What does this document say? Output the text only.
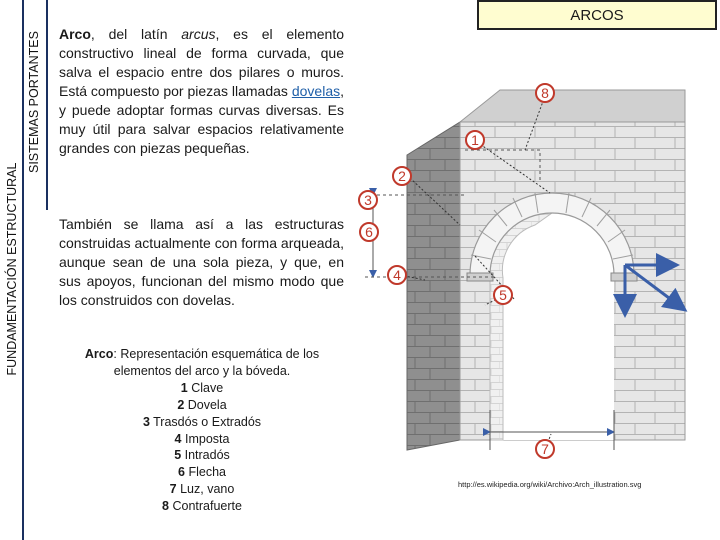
FUNDAMENTACIÓN ESTRUCTURAL
SISTEMAS PORTANTES
ARCOS
Arco, del latín arcus, es el elemento constructivo lineal de forma curvada, que salva el espacio entre dos pilares o muros. Está compuesto por piezas llamadas dovelas, y puede adoptar formas curvas diversas. Es muy útil para salvar espacios relativamente grandes con piezas pequeñas.
También se llama así a las estructuras construidas actualmente con forma arqueada, aunque sean de una sola pieza, y que, en sus apoyos, funcionan del mismo modo que los construidos con dovelas.
Arco: Representación esquemática de los elementos del arco y la bóveda.
1 Clave
2 Dovela
3 Trasdós o Extradós
4 Imposta
5 Intradós
6 Flecha
7 Luz, vano
8 Contrafuerte
8
1
2
3
6
4
5
7
http://es.wikipedia.org/wiki/Archivo:Arch_illustration.svg
